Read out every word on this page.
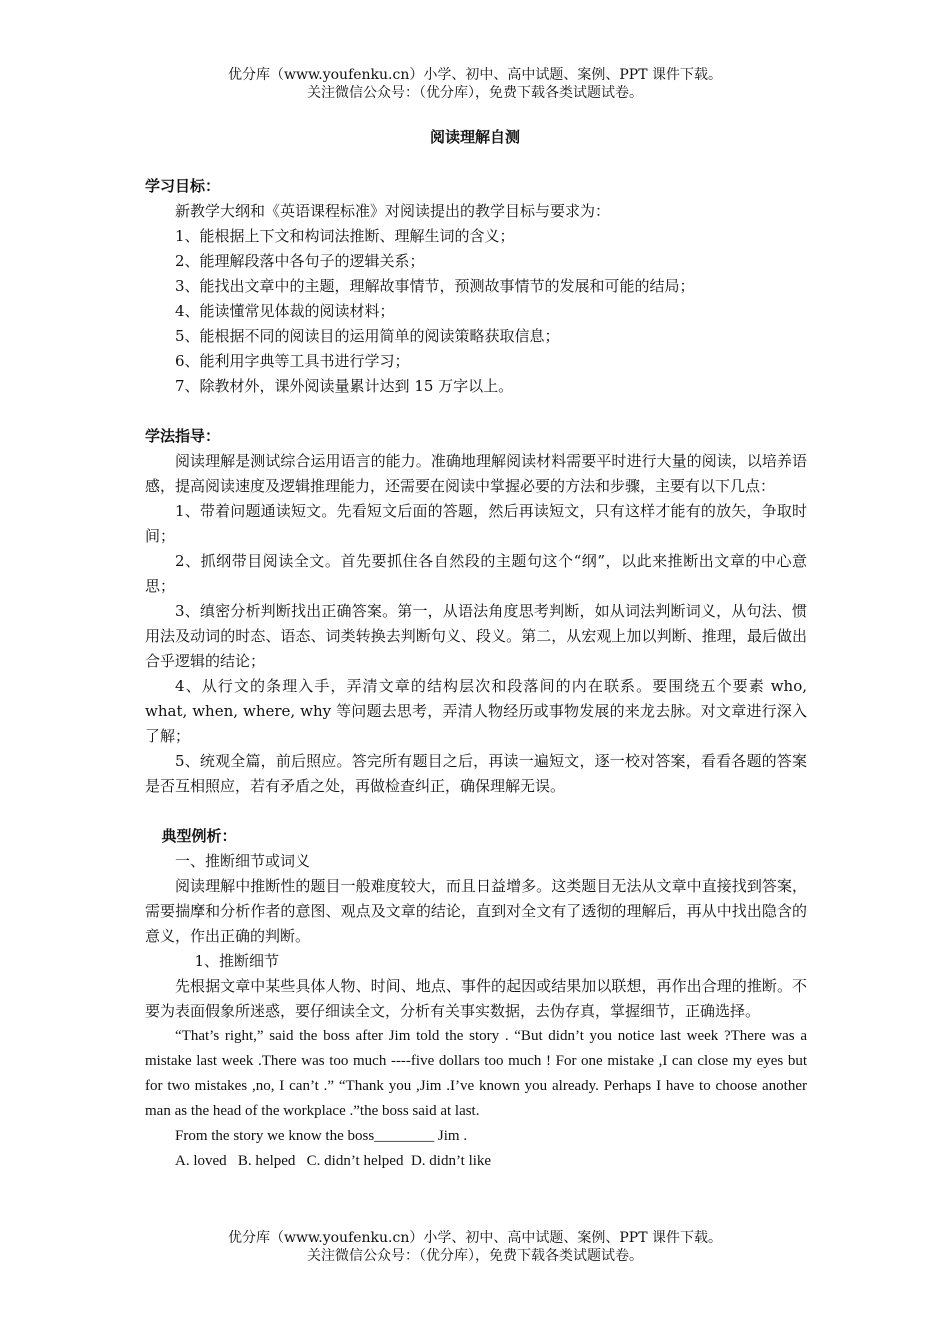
优分库（www.youfenku.cn）小学、初中、高中试题、案例、PPT 课件下载。
关注微信公众号：（优分库），免费下载各类试题试卷。
阅读理解自测
学习目标：
新教学大纲和《英语课程标准》对阅读提出的教学目标与要求为：
1、能根据上下文和构词法推断、理解生词的含义；
2、能理解段落中各句子的逻辑关系；
3、能找出文章中的主题，理解故事情节，预测故事情节的发展和可能的结局；
4、能读懂常见体裁的阅读材料；
5、能根据不同的阅读目的运用简单的阅读策略获取信息；
6、能利用字典等工具书进行学习；
7、除教材外，课外阅读量累计达到 15 万字以上。
学法指导：
阅读理解是测试综合运用语言的能力。准确地理解阅读材料需要平时进行大量的阅读，以培养语感，提高阅读速度及逻辑推理能力，还需要在阅读中掌握必要的方法和步骤，主要有以下几点：
1、带着问题通读短文。先看短文后面的答题，然后再读短文，只有这样才能有的放矢，争取时间；
2、抓纲带目阅读全文。首先要抓住各自然段的主题句这个“纲”，以此来推断出文章的中心意思；
3、缜密分析判断找出正确答案。第一，从语法角度思考判断，如从词法判断词义，从句法、惯用法及动词的时态、语态、词类转换去判断句义、段义。第二，从宏观上加以判断、推理，最后做出合乎逻辑的结论；
4、从行文的条理入手，弄清文章的结构层次和段落间的内在联系。要围绕五个要素 who, what, when, where, why 等问题去思考，弄清人物经历或事物发展的来龙去脉。对文章进行深入了解；
5、统观全篇，前后照应。答完所有题目之后，再读一遍短文，逐一校对答案，看看各题的答案是否互相照应，若有矛盾之处，再做检查纠正，确保理解无误。
典型例析：
一、推断细节或词义
阅读理解中推断性的题目一般难度较大，而且日益增多。这类题目无法从文章中直接找到答案，需要揣摩和分析作者的意图、观点及文章的结论，直到对全文有了透彻的理解后，再从中找出隐含的意义，作出正确的判断。
1、推断细节
先根据文章中某些具体人物、时间、地点、事件的起因或结果加以联想，再作出合理的推断。不要为表面假象所迷惑，要仔细读全文，分析有关事实数据，去伪存真，掌握细节，正确选择。
“That’s right,” said the boss after Jim told the story . “But didn’t you notice last week ?There was a mistake last week .There was too much ----five dollars too much ! For one mistake ,I can close my eyes but for two mistakes ,no, I can’t .” “Thank you ,Jim .I’ve known you already. Perhaps I have to choose another man as the head of the workplace .”the boss said at last.
From the story we know the boss________ Jim .
A. loved   B. helped   C. didn’t helped  D. didn’t like
优分库（www.youfenku.cn）小学、初中、高中试题、案例、PPT 课件下载。
关注微信公众号：（优分库），免费下载各类试题试卷。
